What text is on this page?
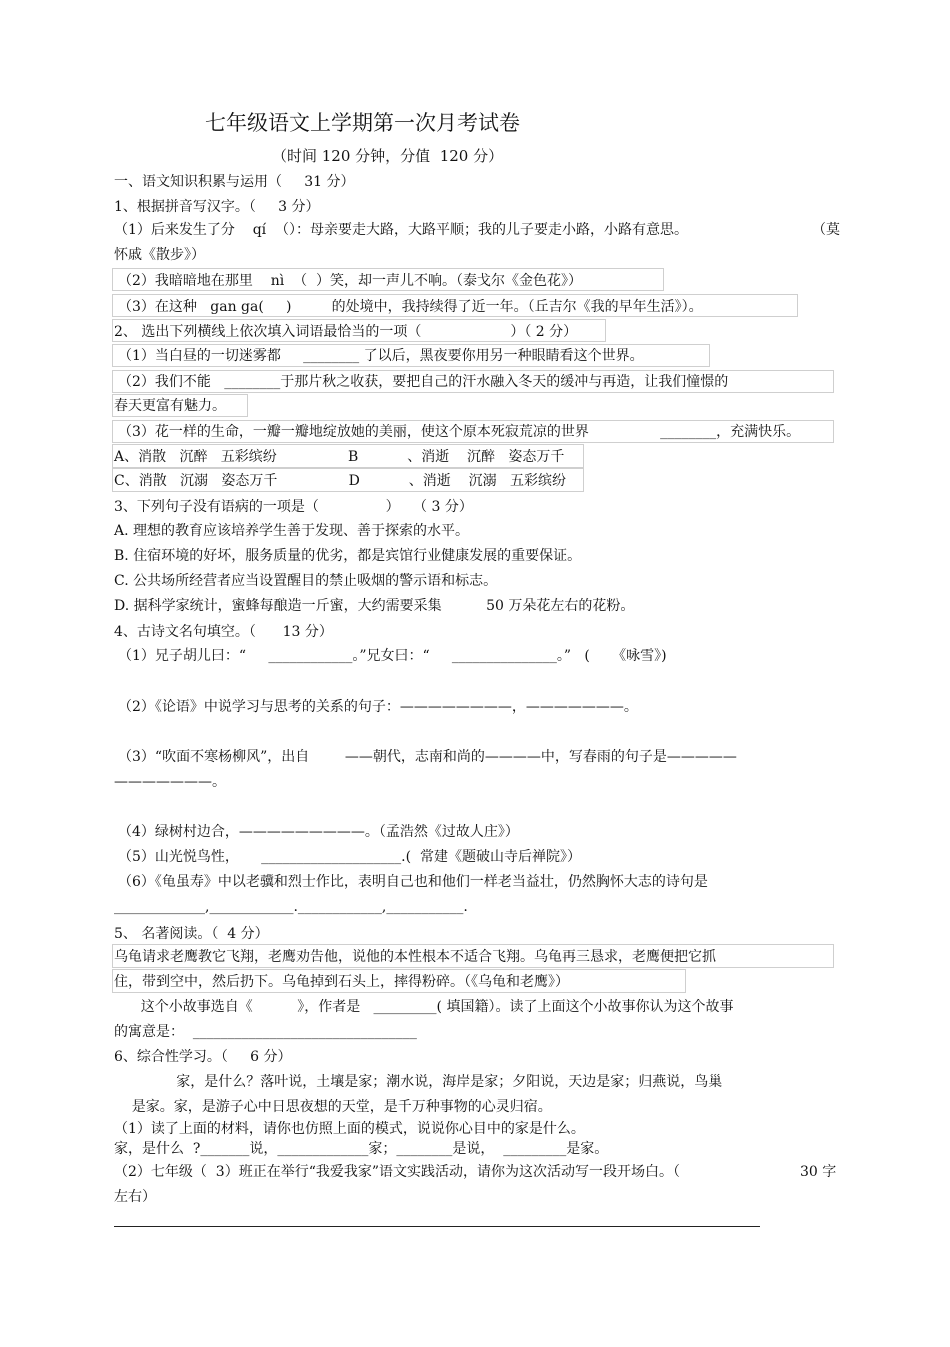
七年级语文上学期第一次月考试卷
（时间 120 分钟，分值  120 分）
一、语文知识积累与运用（     31 分）
1、根据拼音写汉字。（     3 分）
（1）后来发生了分    qí  （）：母亲要走大路，大路平顺；我的儿子要走小路，小路有意思。	（莫
怀戚《散步》）
（2）我暗暗地在那里    nì  （  ）笑，却一声儿不响。（泰戈尔《金色花》）
（3）在这种   gan ga(     )         的处境中，我持续得了近一年。（丘吉尔《我的早年生活》）。
2、 选出下列横线上依次填入词语最恰当的一项（                    ）（ 2 分）
（1）当白昼的一切迷雾都     ________ 了以后，黑夜要你用另一种眼睛看这个世界。
（2）我们不能   ________于那片秋之收获，要把自己的汗水融入冬天的缓冲与再造，让我们憧憬的
春天更富有魅力。
（3）花一样的生命，一瓣一瓣地绽放她的美丽，使这个原本死寂荒凉的世界                ________，充满快乐。
A、消散   沉醉   五彩缤纷                B           、消逝    沉醉   姿态万千
C、消散   沉溺   姿态万千                D           、消逝    沉溺   五彩缤纷
3、下列句子没有语病的一项是（               ）   （ 3 分）
A. 理想的教育应该培养学生善于发现、善于探索的水平。
B. 住宿环境的好坏，服务质量的优劣，都是宾馆行业健康发展的重要保证。
C. 公共场所经营者应当设置醒目的禁止吸烟的警示语和标志。
D. 据科学家统计，蜜蜂每酿造一斤蜜，大约需要采集          50 万朵花左右的花粉。
4、古诗文名句填空。（      13 分）
（1）兄子胡儿曰：“     ____________。”兄女曰：“     _______________。”   (     《咏雪》)
（2）《论语》中说学习与思考的关系的句子：————————，———————。
（3）“吹面不寒杨柳风”，出自        ——朝代，志南和尚的————中，写春雨的句子是—————
———————。
（4）绿树村边合，—————————。（孟浩然《过故人庄》）
（5）山光悦鸟性，     ____________________.(  常建《题破山寺后禅院》）
（6）《龟虽寿》中以老骥和烈士作比，表明自己也和他们一样老当益壮，仍然胸怀大志的诗句是
_____________,____________.____________,___________.
5、 名著阅读。（  4 分）
乌龟请求老鹰教它飞翔，老鹰劝告他，说他的本性根本不适合飞翔。乌龟再三恳求，老鹰便把它抓
住，带到空中，然后扔下。乌龟掉到石头上，摔得粉碎。（《乌龟和老鹰》）
这个小故事选自《          》，作者是   _________( 填国籍）。读了上面这个小故事你认为这个故事
的寓意是：  ________________________________
6、综合性学习。（     6 分）
家，是什么？落叶说，土壤是家；潮水说，海岸是家；夕阳说，天边是家；归燕说，鸟巢
是家。家，是游子心中日思夜想的天堂，是千万种事物的心灵归宿。
（1）读了上面的材料，请你也仿照上面的模式，说说你心目中的家是什么。
家，是什么  ?_______说，_____________家；________是说，  _________是家。
（2）七年级（  3）班正在举行“我爱我家”语文实践活动，请你为这次活动写一段开场白。（	30 字
左右）
